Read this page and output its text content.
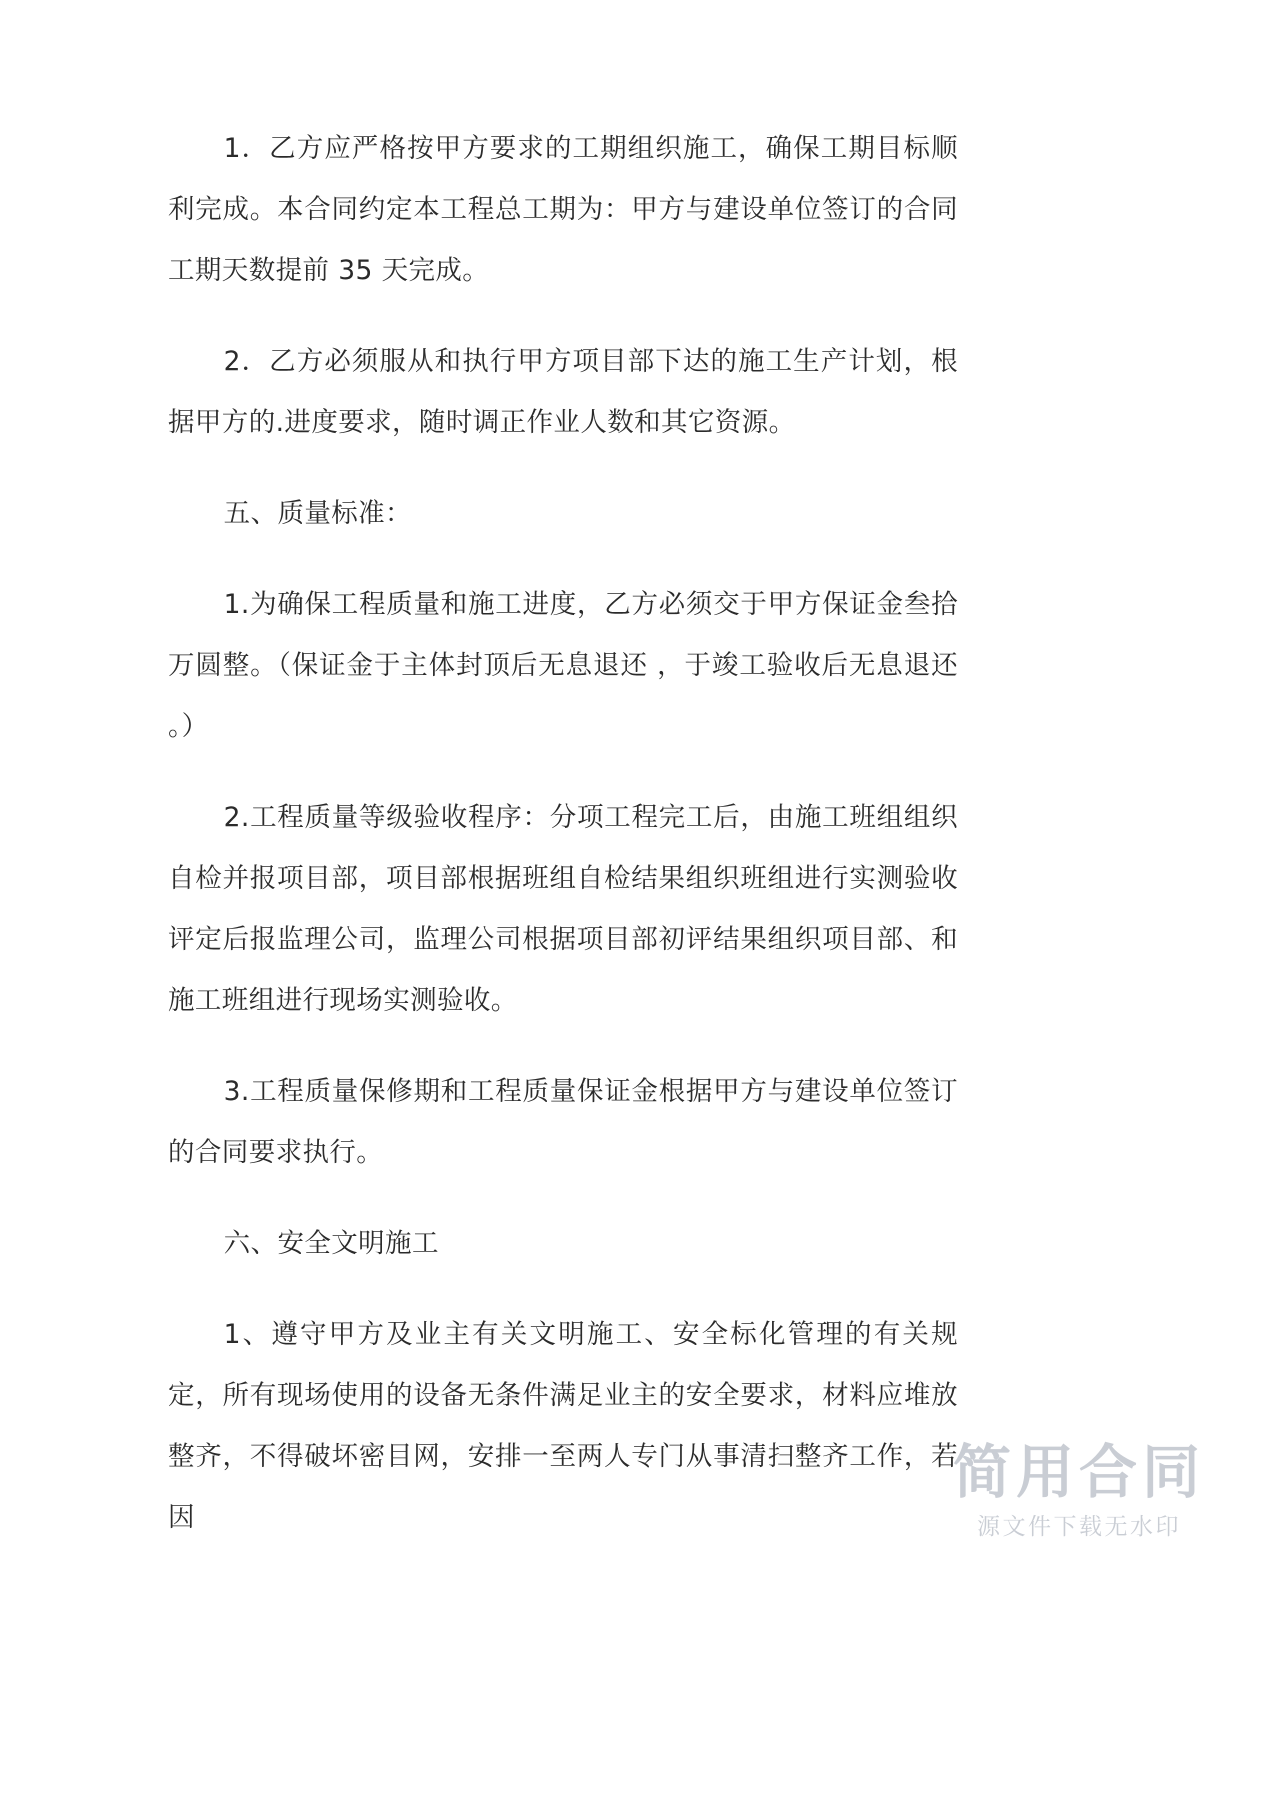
1．乙方应严格按甲方要求的工期组织施工，确保工期目标顺利完成。本合同约定本工程总工期为：甲方与建设单位签订的合同工期天数提前 35 天完成。

2．乙方必须服从和执行甲方项目部下达的施工生产计划，根据甲方的.进度要求，随时调正作业人数和其它资源。

五、质量标准：

1.为确保工程质量和施工进度，乙方必须交于甲方保证金叁拾万圆整。（保证金于主体封顶后无息退还 ，于竣工验收后无息退还 。）

2.工程质量等级验收程序：分项工程完工后，由施工班组组织自检并报项目部，项目部根据班组自检结果组织班组进行实测验收评定后报监理公司，监理公司根据项目部初评结果组织项目部、和施工班组进行现场实测验收。

3.工程质量保修期和工程质量保证金根据甲方与建设单位签订的合同要求执行。

六、安全文明施工

1、遵守甲方及业主有关文明施工、安全标化管理的有关规定，所有现场使用的设备无条件满足业主的安全要求，材料应堆放整齐，不得破坏密目网，安排一至两人专门从事清扫整齐工作，若因

简用合同
源文件下载无水印
